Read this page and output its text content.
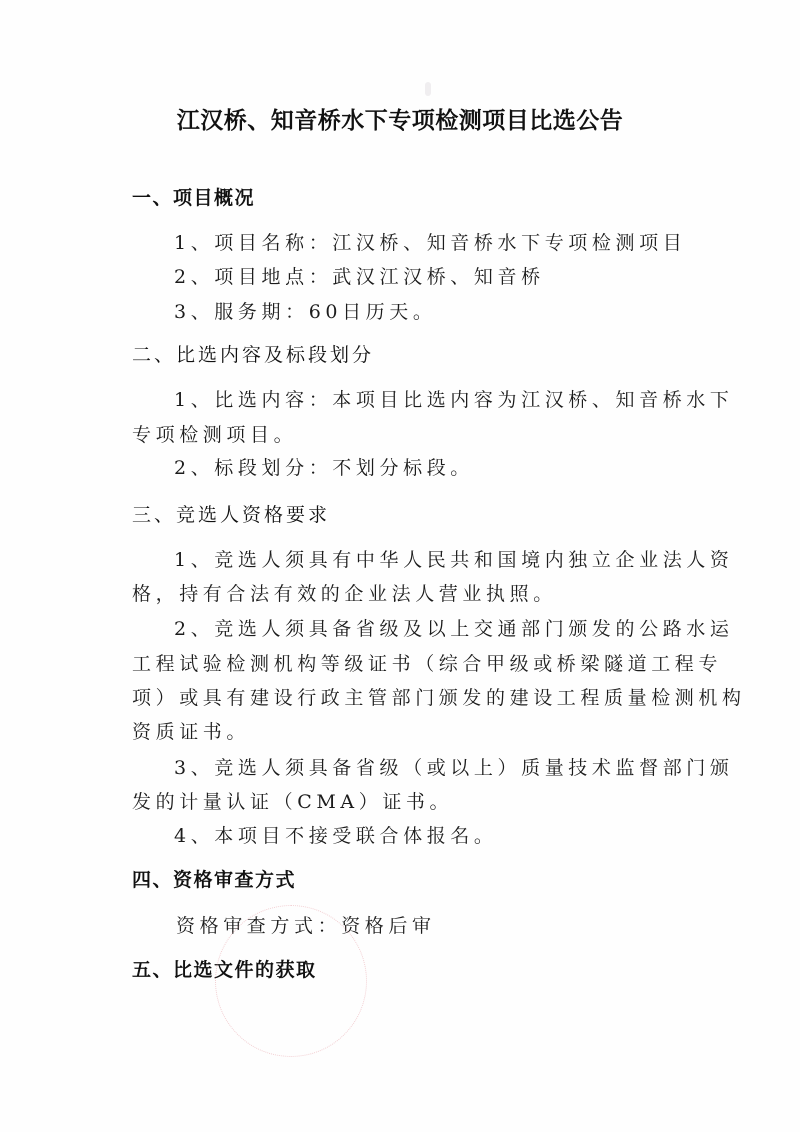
江汉桥、知音桥水下专项检测项目比选公告
一、项目概况
1、项目名称：江汉桥、知音桥水下专项检测项目
2、项目地点：武汉江汉桥、知音桥
3、服务期：60日历天。
二、比选内容及标段划分
1、比选内容：本项目比选内容为江汉桥、知音桥水下
专项检测项目。
2、标段划分：不划分标段。
三、竞选人资格要求
1、竞选人须具有中华人民共和国境内独立企业法人资
格，持有合法有效的企业法人营业执照。
2、竞选人须具备省级及以上交通部门颁发的公路水运
工程试验检测机构等级证书（综合甲级或桥梁隧道工程专
项）或具有建设行政主管部门颁发的建设工程质量检测机构
资质证书。
3、竞选人须具备省级（或以上）质量技术监督部门颁
发的计量认证（CMA）证书。
4、本项目不接受联合体报名。
四、资格审查方式
资格审查方式：资格后审
五、比选文件的获取
